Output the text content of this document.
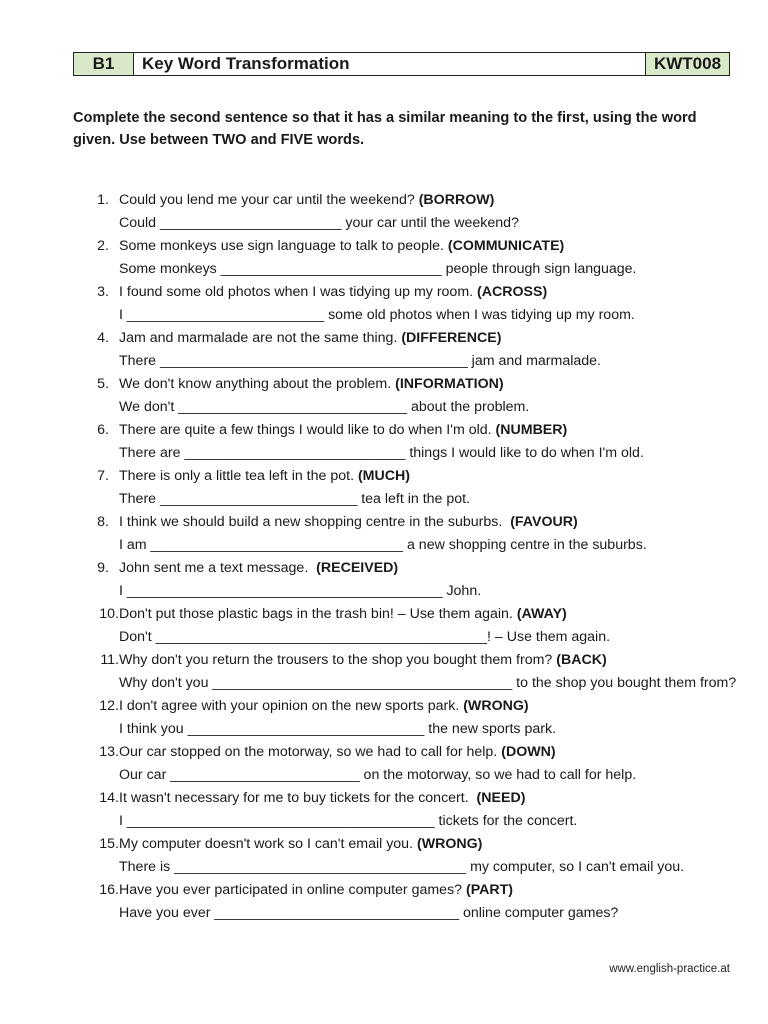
B1	Key Word Transformation	KWT008
Complete the second sentence so that it has a similar meaning to the first, using the word given. Use between TWO and FIVE words.
1. Could you lend me your car until the weekend? (BORROW)
Could _______________________ your car until the weekend?
2. Some monkeys use sign language to talk to people. (COMMUNICATE)
Some monkeys ____________________________ people through sign language.
3. I found some old photos when I was tidying up my room. (ACROSS)
I _________________________ some old photos when I was tidying up my room.
4. Jam and marmalade are not the same thing. (DIFFERENCE)
There _______________________________________ jam and marmalade.
5. We don't know anything about the problem. (INFORMATION)
We don't _____________________________ about the problem.
6. There are quite a few things I would like to do when I'm old. (NUMBER)
There are ____________________________ things I would like to do when I'm old.
7. There is only a little tea left in the pot. (MUCH)
There _________________________ tea left in the pot.
8. I think we should build a new shopping centre in the suburbs.  (FAVOUR)
I am ________________________________ a new shopping centre in the suburbs.
9. John sent me a text message.  (RECEIVED)
I ________________________________________ John.
10. Don't put those plastic bags in the trash bin! – Use them again. (AWAY)
Don't __________________________________________! – Use them again.
11. Why don't you return the trousers to the shop you bought them from? (BACK)
Why don't you ______________________________________ to the shop you bought them from?
12. I don't agree with your opinion on the new sports park. (WRONG)
I think you ______________________________ the new sports park.
13. Our car stopped on the motorway, so we had to call for help. (DOWN)
Our car ________________________ on the motorway, so we had to call for help.
14. It wasn't necessary for me to buy tickets for the concert.  (NEED)
I _______________________________________ tickets for the concert.
15. My computer doesn't work so I can't email you. (WRONG)
There is _____________________________________ my computer, so I can't email you.
16. Have you ever participated in online computer games? (PART)
Have you ever _______________________________ online computer games?
www.english-practice.at
